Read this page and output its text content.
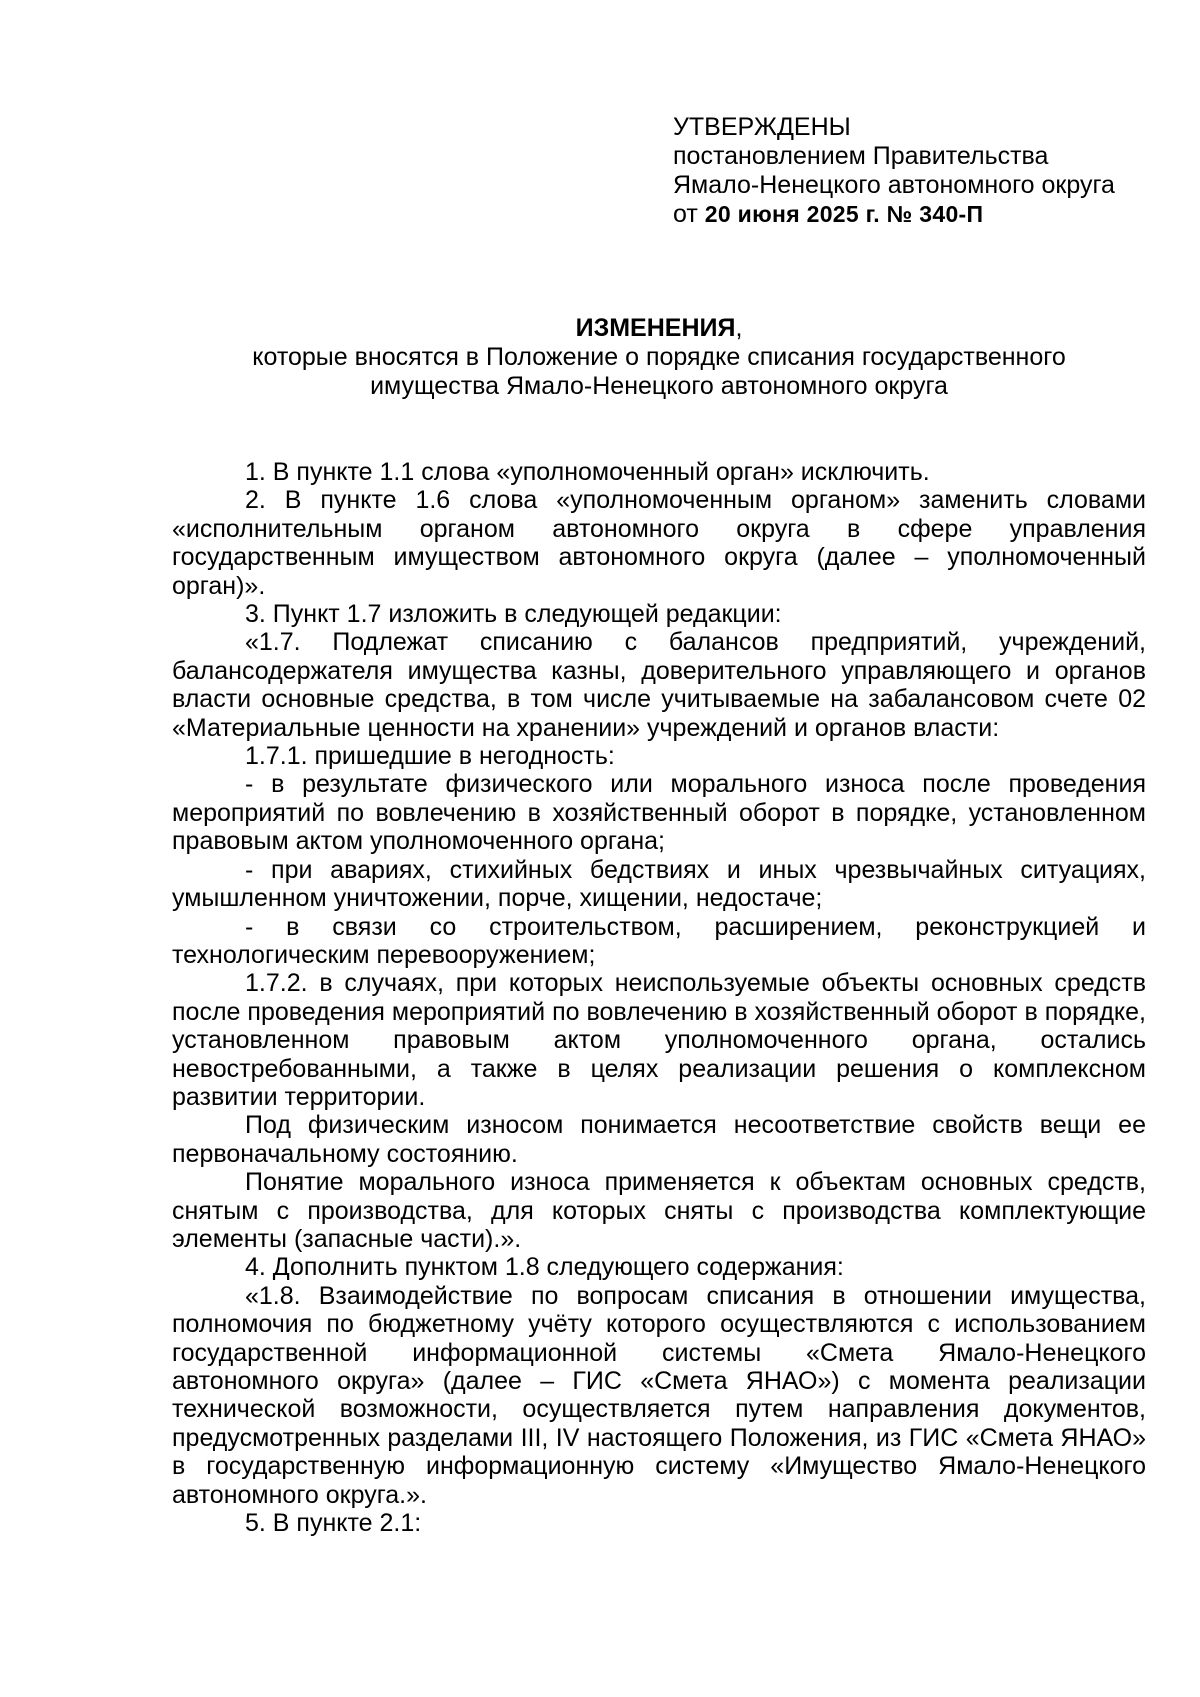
УТВЕРЖДЕНЫ

постановлением Правительства

Ямало-Ненецкого автономного округа

от 20 июня 2025 г. № 340-П

ИЗМЕНЕНИЯ,

которые вносятся в Положение о порядке списания государственного

имущества Ямало-Ненецкого автономного округа

1. В пункте 1.1 слова «уполномоченный орган» исключить.

2. В пункте 1.6 слова «уполномоченным органом» заменить словами «исполнительным органом автономного округа в сфере управления государственным имуществом автономного округа (далее – уполномоченный орган)».

3. Пункт 1.7 изложить в следующей редакции:

«1.7. Подлежат списанию с балансов предприятий, учреждений, балансодержателя имущества казны, доверительного управляющего и органов власти основные средства, в том числе учитываемые на забалансовом счете 02 «Материальные ценности на хранении» учреждений и органов власти:

1.7.1. пришедшие в негодность:

- в результате физического или морального износа после проведения мероприятий по вовлечению в хозяйственный оборот в порядке, установленном правовым актом уполномоченного органа;

- при авариях, стихийных бедствиях и иных чрезвычайных ситуациях, умышленном уничтожении, порче, хищении, недостаче;

- в связи со строительством, расширением, реконструкцией и технологическим перевооружением;

1.7.2. в случаях, при которых неиспользуемые объекты основных средств после проведения мероприятий по вовлечению в хозяйственный оборот в порядке, установленном правовым актом уполномоченного органа, остались невостребованными, а также в целях реализации решения о комплексном развитии территории.

Под физическим износом понимается несоответствие свойств вещи ее первоначальному состоянию.

Понятие морального износа применяется к объектам основных средств, снятым с производства, для которых сняты с производства комплектующие элементы (запасные части).».

4. Дополнить пунктом 1.8 следующего содержания:

«1.8. Взаимодействие по вопросам списания в отношении имущества, полномочия по бюджетному учёту которого осуществляются с использованием государственной информационной системы «Смета Ямало-Ненецкого автономного округа» (далее – ГИС «Смета ЯНАО») с момента реализации технической возможности, осуществляется путем направления документов, предусмотренных разделами III, IV настоящего Положения, из ГИС «Смета ЯНАО» в государственную информационную систему «Имущество Ямало-Ненецкого автономного округа.».

5. В пункте 2.1:
